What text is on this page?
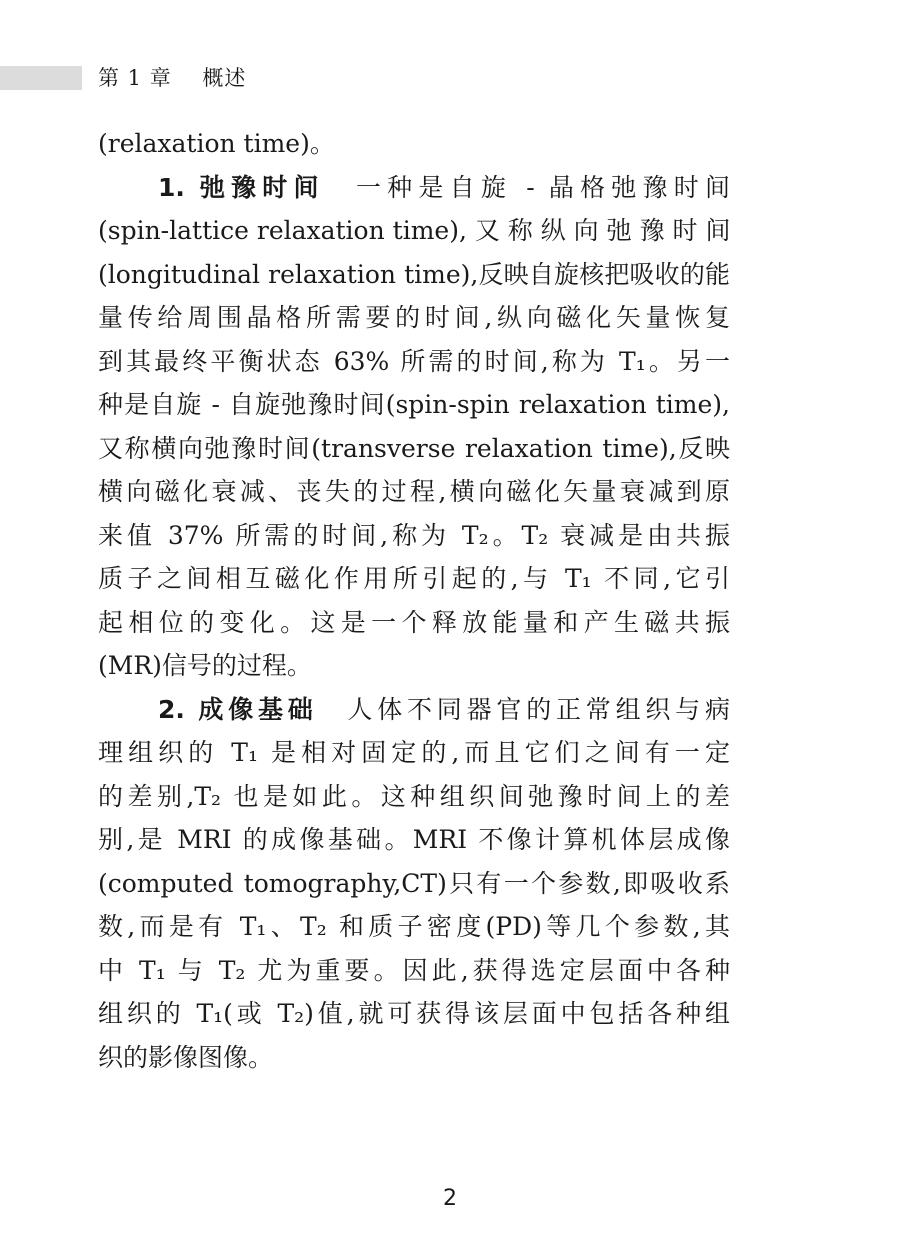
第 1 章    概述
(relaxation time)。
1. 弛豫时间　 一种是自旋 - 晶格弛豫时间
(spin-lattice relaxation time), 又 称 纵 向 弛 豫 时 间
(longitudinal relaxation time),反映自旋核把吸收的能
量传给周围晶格所需要的时间,纵向磁化矢量恢复
到其最终平衡状态 63% 所需的时间,称为 T₁。另一
种是自旋 - 自旋弛豫时间(spin-spin relaxation time),
又称横向弛豫时间(transverse relaxation time),反映
横向磁化衰减、丧失的过程,横向磁化矢量衰减到原
来值 37% 所需的时间,称为 T₂。T₂ 衰减是由共振
质子之间相互磁化作用所引起的,与 T₁ 不同,它引
起相位的变化。这是一个释放能量和产生磁共振
(MR)信号的过程。
2. 成像基础　 人体不同器官的正常组织与病
理组织的 T₁ 是相对固定的,而且它们之间有一定
的差别,T₂ 也是如此。这种组织间弛豫时间上的差
别,是 MRI 的成像基础。MRI 不像计算机体层成像
(computed tomography,CT)只有一个参数,即吸收系
数,而是有 T₁、T₂ 和质子密度(PD)等几个参数,其
中 T₁ 与 T₂ 尤为重要。因此,获得选定层面中各种
组织的 T₁(或 T₂)值,就可获得该层面中包括各种组
织的影像图像。
2
